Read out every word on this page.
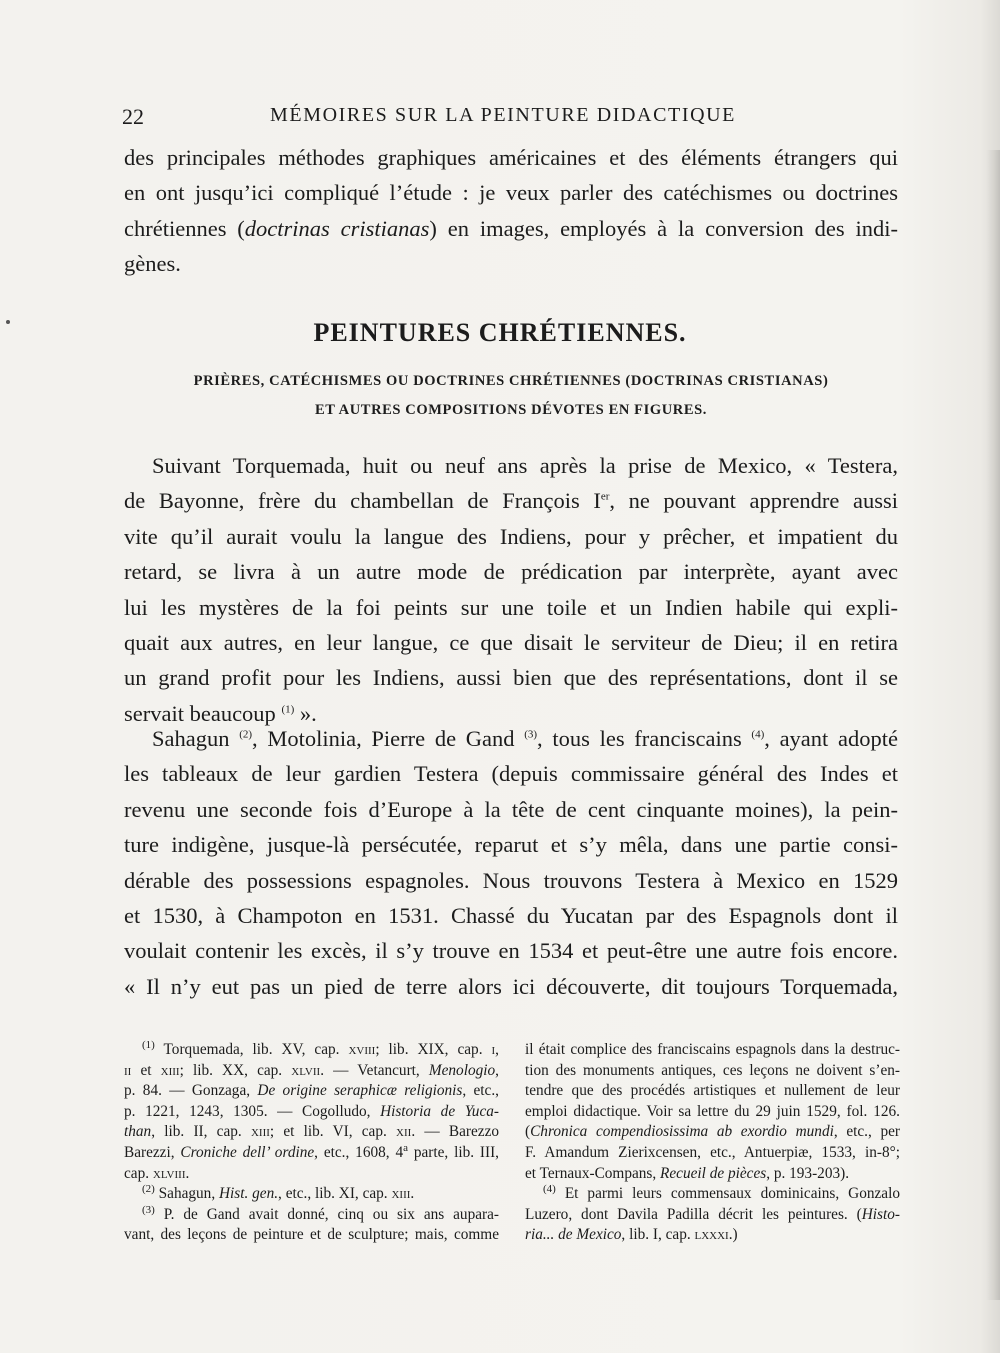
22	MÉMOIRES SUR LA PEINTURE DIDACTIQUE
des principales méthodes graphiques américaines et des éléments étrangers qui
en ont jusqu’ici compliqué l’étude : je veux parler des catéchismes ou doctrines
chrétiennes (doctrinas cristianas) en images, employés à la conversion des indi-
gènes.
PEINTURES CHRÉTIENNES.
PRIÈRES, CATÉCHISMES OU DOCTRINES CHRÉTIENNES (DOCTRINAS CRISTIANAS)
ET AUTRES COMPOSITIONS DÉVOTES EN FIGURES.
Suivant Torquemada, huit ou neuf ans après la prise de Mexico, « Testera,
de Bayonne, frère du chambellan de François Ier, ne pouvant apprendre aussi
vite qu’il aurait voulu la langue des Indiens, pour y prêcher, et impatient du
retard, se livra à un autre mode de prédication par interprète, ayant avec
lui les mystères de la foi peints sur une toile et un Indien habile qui expli-
quait aux autres, en leur langue, ce que disait le serviteur de Dieu; il en retira
un grand profit pour les Indiens, aussi bien que des représentations, dont il se
servait beaucoup $^{(1)}$ ».
Sahagun $^{(2)}$, Motolinia, Pierre de Gand $^{(3)}$, tous les franciscains $^{(4)}$, ayant adopté
les tableaux de leur gardien Testera (depuis commissaire général des Indes et
revenu une seconde fois d’Europe à la tête de cent cinquante moines), la pein-
ture indigène, jusque-là persécutée, reparut et s’y mêla, dans une partie consi-
dérable des possessions espagnoles. Nous trouvons Testera à Mexico en 1529
et 1530, à Champoton en 1531. Chassé du Yucatan par des Espagnols dont il
voulait contenir les excès, il s’y trouve en 1534 et peut-être une autre fois encore.
« Il n’y eut pas un pied de terre alors ici découverte, dit toujours Torquemada,
$^{(1)}$ Torquemada, lib. XV, cap. xviii; lib. XIX, cap. i,
ii et xiii; lib. XX, cap. xlvii. — Vetancurt, Menologio,
p. 84. — Gonzaga, De origine seraphicæ religionis, etc.,
p. 1221, 1243, 1305. — Cogolludo, Historia de Yuca-
than, lib. II, cap. xiii; et lib. VI, cap. xii. — Barezzo
Barezzi, Croniche dell’ ordine, etc., 1608, 4$^a$ parte, lib. III,
cap. xlviii.
$^{(2)}$ Sahagun, Hist. gen., etc., lib. XI, cap. xiii.
$^{(3)}$ P. de Gand avait donné, cinq ou six ans aupara-
vant, des leçons de peinture et de sculpture; mais, comme
il était complice des franciscains espagnols dans la destruc-
tion des monuments antiques, ces leçons ne doivent s’en-
tendre que des procédés artistiques et nullement de leur
emploi didactique. Voir sa lettre du 29 juin 1529, fol. 126.
(Chronica compendiosissima ab exordio mundi, etc., per
F. Amandum Zierixcensen, etc., Antuerpiæ, 1533, in-8°;
et Ternaux-Compans, Recueil de pièces, p. 193-203).
$^{(4)}$ Et parmi leurs commensaux dominicains, Gonzalo
Luzero, dont Davila Padilla décrit les peintures. (Histo-
ria... de Mexico, lib. I, cap. lxxxi.)
